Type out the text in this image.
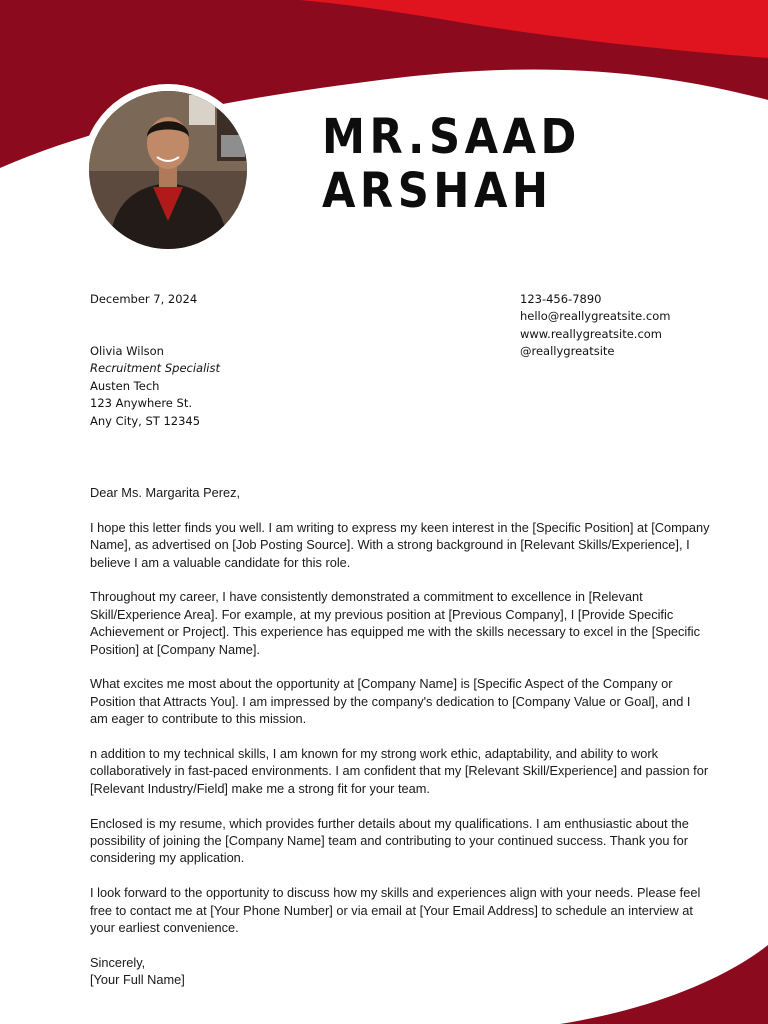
MR.SAAD
ARSHAH
December 7, 2024	123-456-7890
hello@reallygreatsite.com
www.reallygreatsite.com
@reallygreatsite
Olivia Wilson
Recruitment Specialist
Austen Tech
123 Anywhere St.
Any City, ST 12345

Dear Ms. Margarita Perez,

I hope this letter finds you well. I am writing to express my keen interest in the [Specific Position] at [Company Name], as advertised on [Job Posting Source]. With a strong background in [Relevant Skills/Experience], I believe I am a valuable candidate for this role.

Throughout my career, I have consistently demonstrated a commitment to excellence in [Relevant Skill/Experience Area]. For example, at my previous position at [Previous Company], I [Provide Specific Achievement or Project]. This experience has equipped me with the skills necessary to excel in the [Specific Position] at [Company Name].

What excites me most about the opportunity at [Company Name] is [Specific Aspect of the Company or Position that Attracts You]. I am impressed by the company's dedication to [Company Value or Goal], and I am eager to contribute to this mission.

n addition to my technical skills, I am known for my strong work ethic, adaptability, and ability to work collaboratively in fast-paced environments. I am confident that my [Relevant Skill/Experience] and passion for [Relevant Industry/Field] make me a strong fit for your team.

Enclosed is my resume, which provides further details about my qualifications. I am enthusiastic about the possibility of joining the [Company Name] team and contributing to your continued success. Thank you for considering my application.

I look forward to the opportunity to discuss how my skills and experiences align with your needs. Please feel free to contact me at [Your Phone Number] or via email at [Your Email Address] to schedule an interview at your earliest convenience.

Sincerely,

[Your Full Name]
